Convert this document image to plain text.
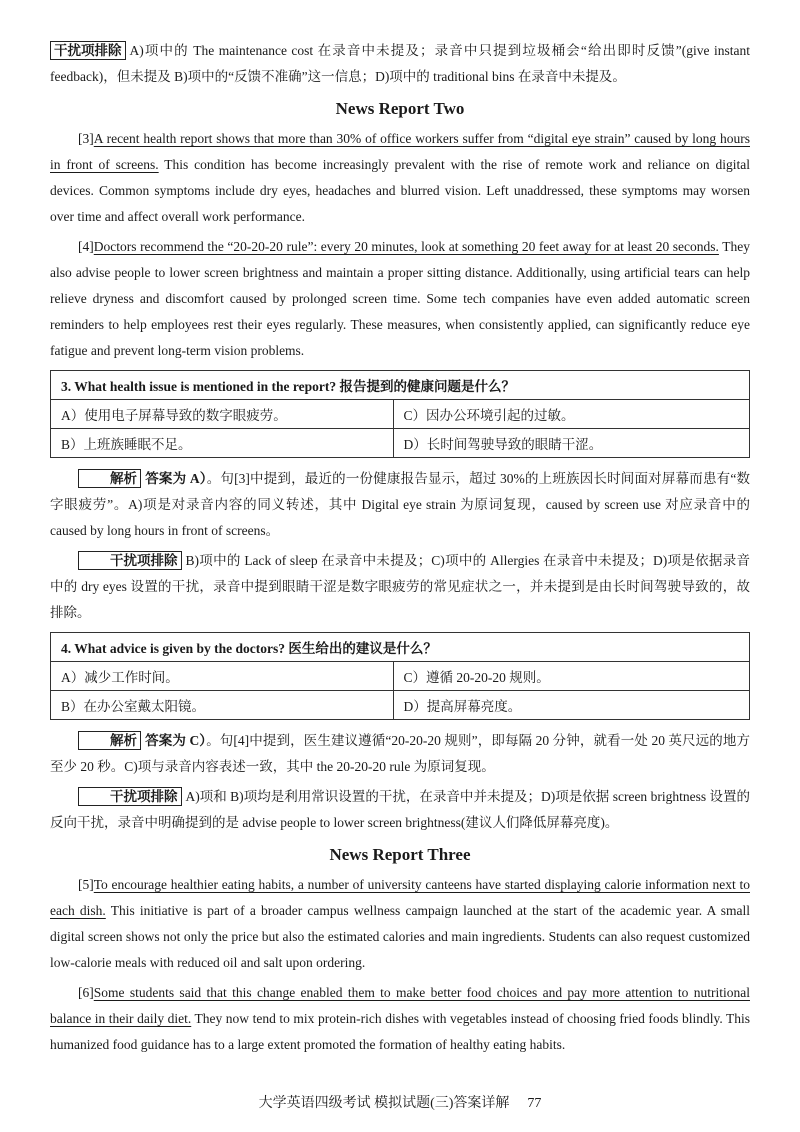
干扰项排除 A)项中的 The maintenance cost 在录音中未提及；录音中只提到垃圾桶会“给出即时反馈”(give instant feedback)，但未提及 B)项中的“反馈不准确”这一信息；D)项中的 traditional bins 在录音中未提及。

News Report Two

[3]A recent health report shows that more than 30% of office workers suffer from “digital eye strain” caused by long hours in front of screens. This condition has become increasingly prevalent with the rise of remote work and reliance on digital devices. Common symptoms include dry eyes, headaches and blurred vision. Left unaddressed, these symptoms may worsen over time and affect overall work performance.

[4]Doctors recommend the “20-20-20 rule”: every 20 minutes, look at something 20 feet away for at least 20 seconds. They also advise people to lower screen brightness and maintain a proper sitting distance. Additionally, using artificial tears can help relieve dryness and discomfort caused by prolonged screen time. Some tech companies have even added automatic screen reminders to help employees rest their eyes regularly. These measures, when consistently applied, can significantly reduce eye fatigue and prevent long-term vision problems.

3. What health issue is mentioned in the report? 报告提到的健康问题是什么？	
A）使用电子屏幕导致的数字眼疲劳。	C）因办公环境引起的过敏。
B）上班族睡眠不足。	D）长时间驾驶导致的眼睛干涩。

解析 答案为 A）。句[3]中提到，最近的一份健康报告显示，超过 30%的上班族因长时间面对屏幕而患有“数字眼疲劳”。A)项是对录音内容的同义转述，其中 Digital eye strain 为原词复现，caused by screen use 对应录音中的 caused by long hours in front of screens。

干扰项排除 B)项中的 Lack of sleep 在录音中未提及；C)项中的 Allergies 在录音中未提及；D)项是依据录音中的 dry eyes 设置的干扰，录音中提到眼睛干涩是数字眼疲劳的常见症状之一，并未提到是由长时间驾驶导致的，故排除。

4. What advice is given by the doctors? 医生给出的建议是什么？	
A）减少工作时间。	C）遵循 20-20-20 规则。
B）在办公室戴太阳镜。	D）提高屏幕亮度。

解析 答案为 C）。句[4]中提到，医生建议遵循“20-20-20 规则”，即每隔 20 分钟，就看一处 20 英尺远的地方至少 20 秒。C)项与录音内容表述一致，其中 the 20-20-20 rule 为原词复现。

干扰项排除 A)项和 B)项均是利用常识设置的干扰，在录音中并未提及；D)项是依据 screen brightness 设置的反向干扰，录音中明确提到的是 advise people to lower screen brightness(建议人们降低屏幕亮度)。

News Report Three

[5]To encourage healthier eating habits, a number of university canteens have started displaying calorie information next to each dish. This initiative is part of a broader campus wellness campaign launched at the start of the academic year. A small digital screen shows not only the price but also the estimated calories and main ingredients. Students can also request customized low-calorie meals with reduced oil and salt upon ordering.

[6]Some students said that this change enabled them to make better food choices and pay more attention to nutritional balance in their daily diet. They now tend to mix protein-rich dishes with vegetables instead of choosing fried foods blindly. This humanized food guidance has to a large extent promoted the formation of healthy eating habits.

大学英语四级考试 模拟试题(三)答案详解 77
